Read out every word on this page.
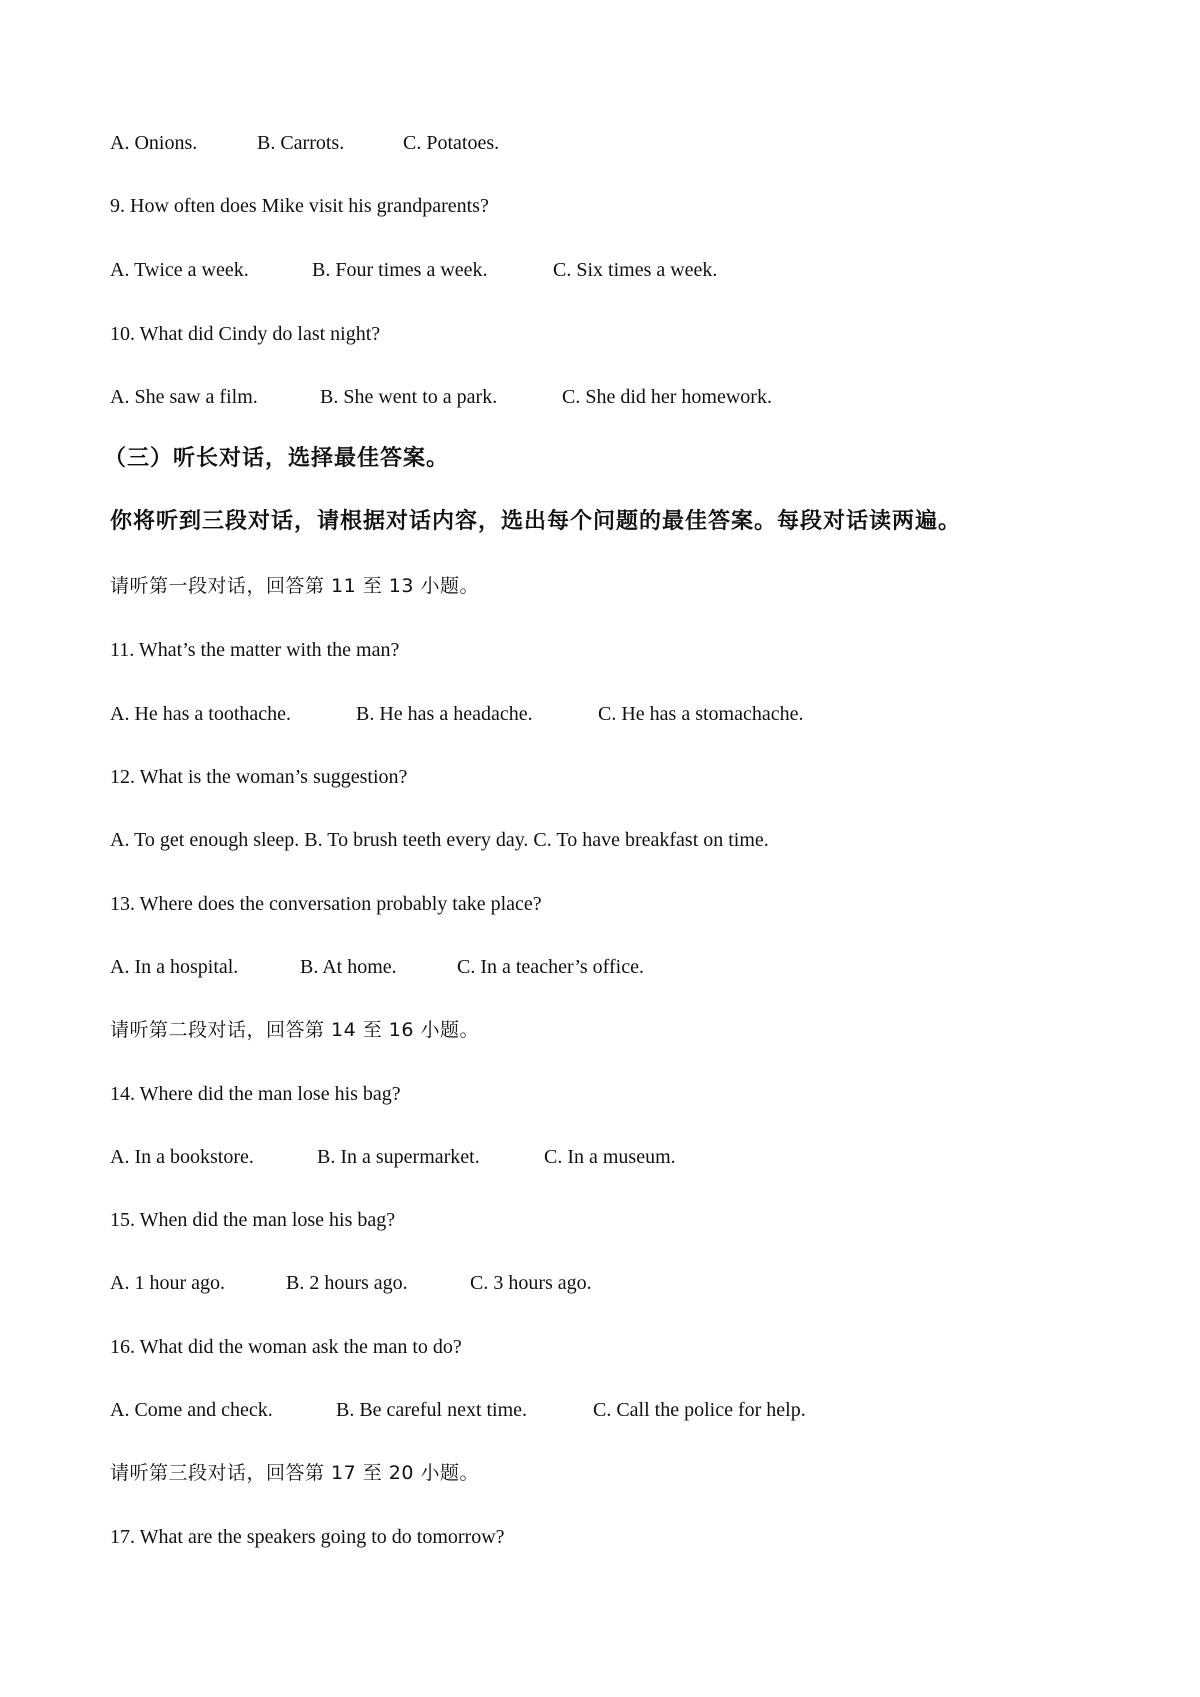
A. Onions.	B. Carrots.	C. Potatoes.
9. How often does Mike visit his grandparents?
A. Twice a week.	B. Four times a week.	C. Six times a week.
10. What did Cindy do last night?
A. She saw a film.	B. She went to a park.	C. She did her homework.
（三）听长对话，选择最佳答案。
你将听到三段对话，请根据对话内容，选出每个问题的最佳答案。每段对话读两遍。
请听第一段对话，回答第 11 至 13 小题。
11. What’s the matter with the man?
A. He has a toothache.	B. He has a headache.	C. He has a stomachache.
12. What is the woman’s suggestion?
A. To get enough sleep. B. To brush teeth every day. C. To have breakfast on time.
13. Where does the conversation probably take place?
A. In a hospital.	B. At home.	C. In a teacher’s office.
请听第二段对话，回答第 14 至 16 小题。
14. Where did the man lose his bag?
A. In a bookstore.	B. In a supermarket.	C. In a museum.
15. When did the man lose his bag?
A. 1 hour ago.	B. 2 hours ago.	C. 3 hours ago.
16. What did the woman ask the man to do?
A. Come and check.	B. Be careful next time.	C. Call the police for help.
请听第三段对话，回答第 17 至 20 小题。
17. What are the speakers going to do tomorrow?
